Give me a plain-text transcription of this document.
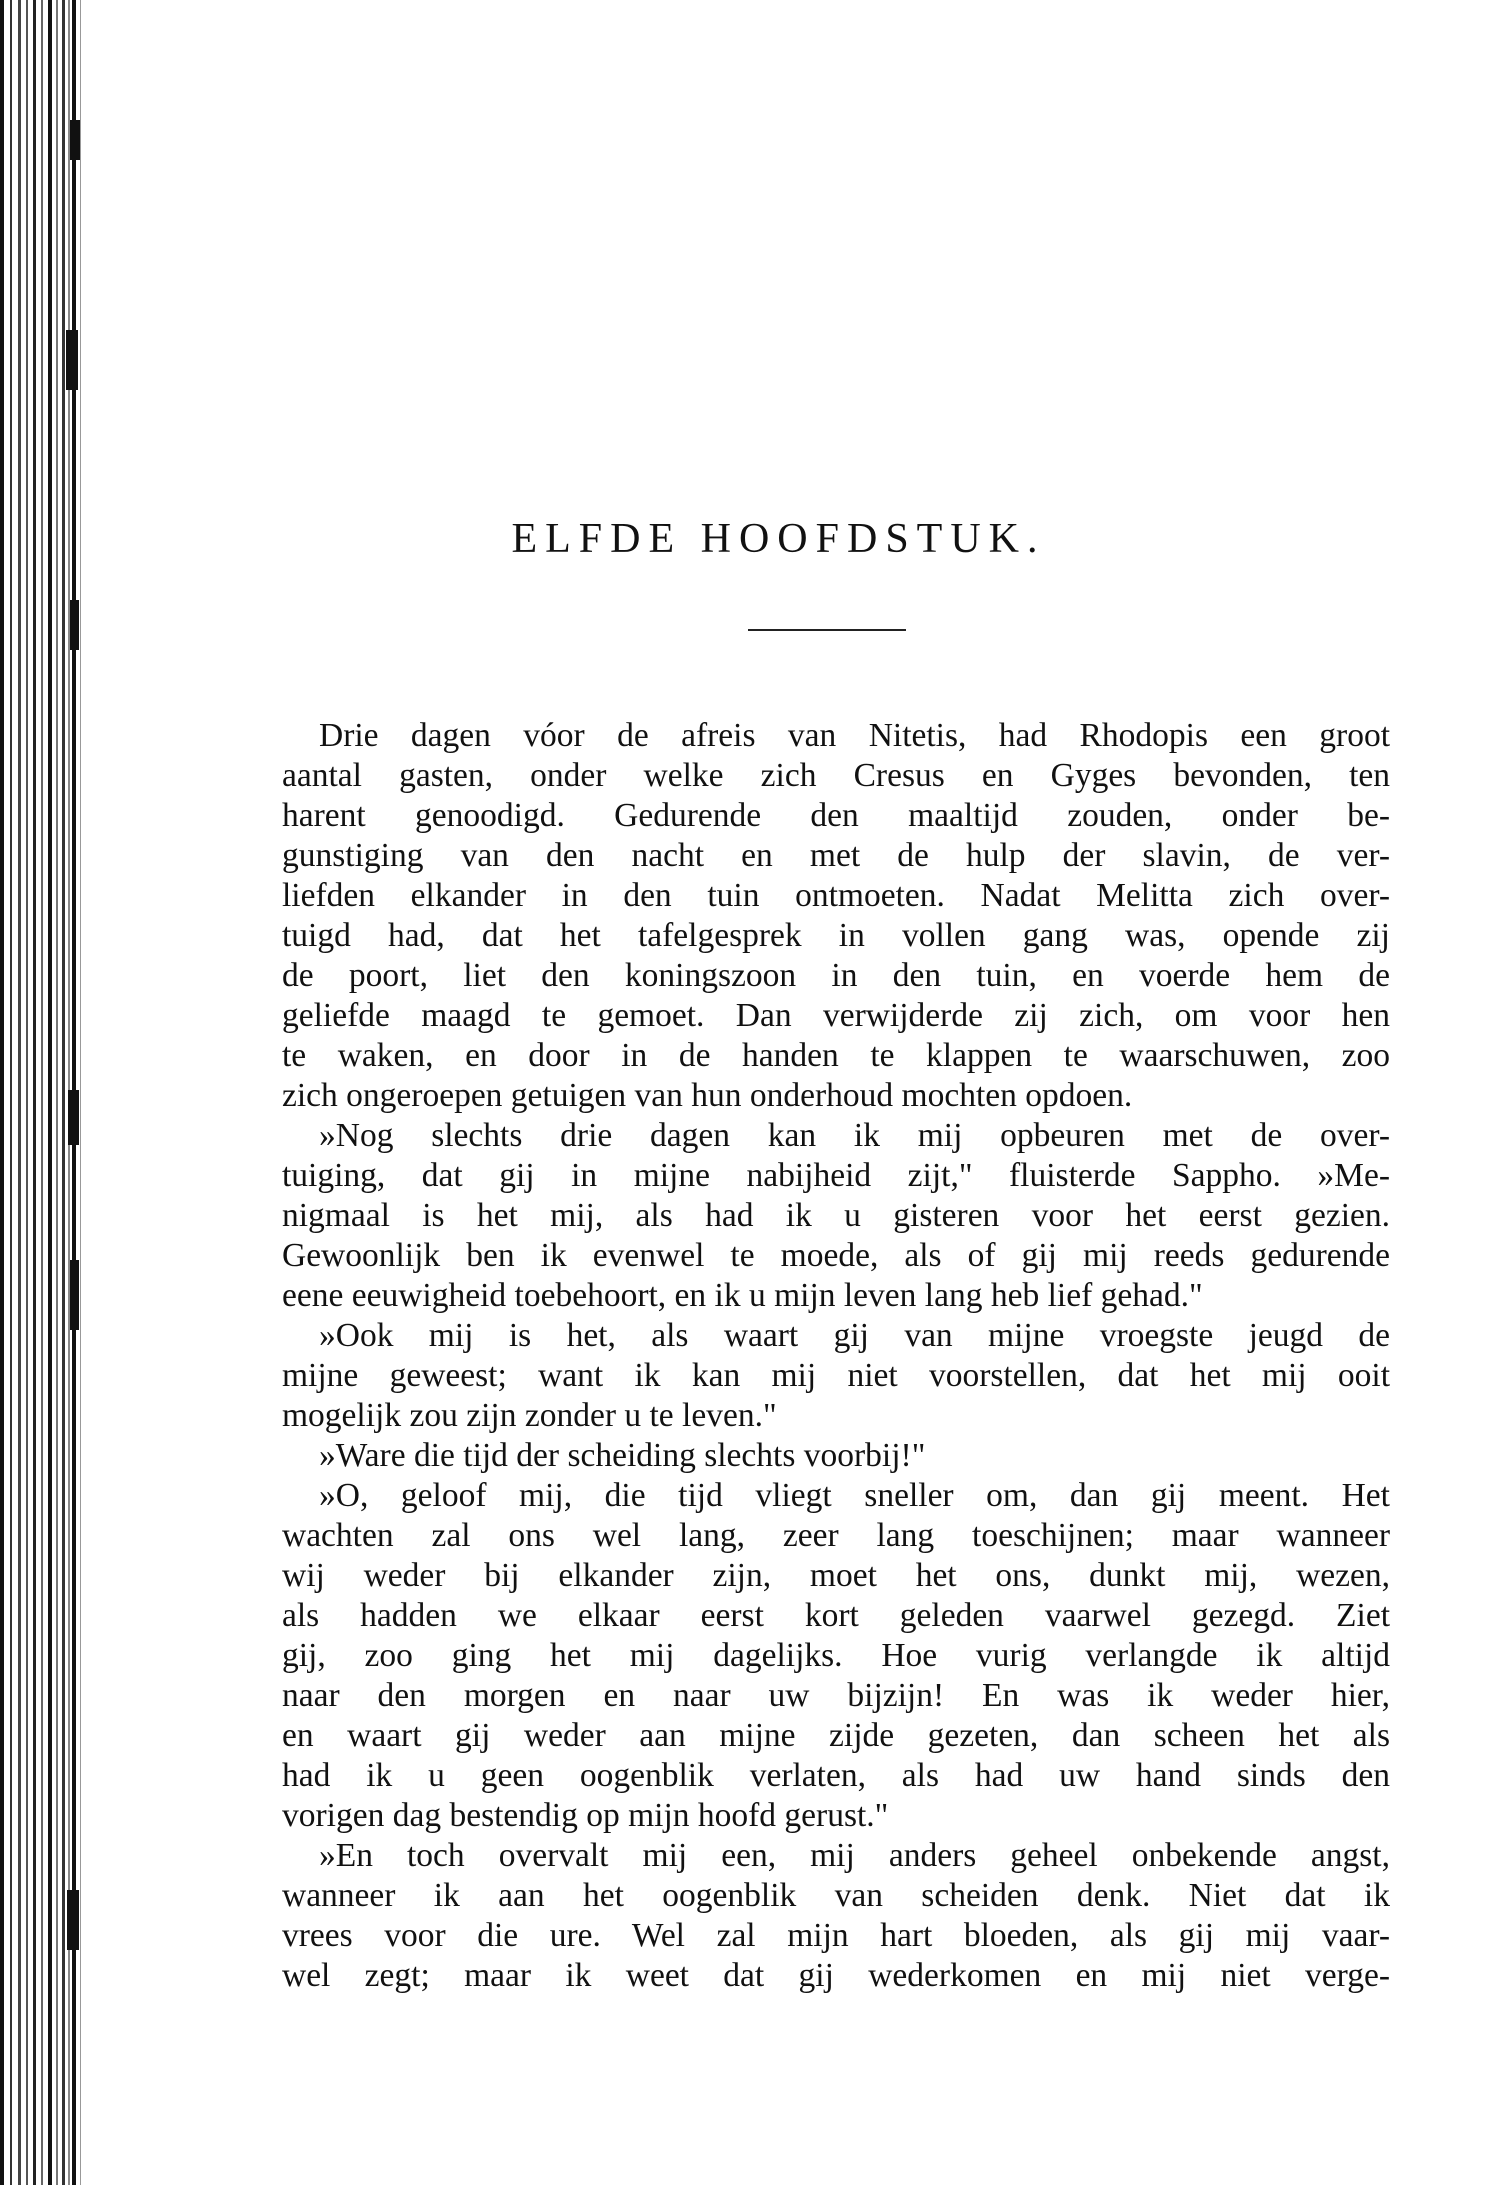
ELFDE HOOFDSTUK.
Drie dagen vóor de afreis van Nitetis, had Rhodopis een groot
aantal gasten, onder welke zich Cresus en Gyges bevonden, ten
harent genoodigd. Gedurende den maaltijd zouden, onder be-
gunstiging van den nacht en met de hulp der slavin, de ver-
liefden elkander in den tuin ontmoeten. Nadat Melitta zich over-
tuigd had, dat het tafelgesprek in vollen gang was, opende zij
de poort, liet den koningszoon in den tuin, en voerde hem de
geliefde maagd te gemoet. Dan verwijderde zij zich, om voor hen
te waken, en door in de handen te klappen te waarschuwen, zoo
zich ongeroepen getuigen van hun onderhoud mochten opdoen.
»Nog slechts drie dagen kan ik mij opbeuren met de over-
tuiging, dat gij in mijne nabijheid zijt," fluisterde Sappho. »Me-
nigmaal is het mij, als had ik u gisteren voor het eerst gezien.
Gewoonlijk ben ik evenwel te moede, als of gij mij reeds gedurende
eene eeuwigheid toebehoort, en ik u mijn leven lang heb lief gehad."
»Ook mij is het, als waart gij van mijne vroegste jeugd de
mijne geweest; want ik kan mij niet voorstellen, dat het mij ooit
mogelijk zou zijn zonder u te leven."
»Ware die tijd der scheiding slechts voorbij!"
»O, geloof mij, die tijd vliegt sneller om, dan gij meent. Het
wachten zal ons wel lang, zeer lang toeschijnen; maar wanneer
wij weder bij elkander zijn, moet het ons, dunkt mij, wezen,
als hadden we elkaar eerst kort geleden vaarwel gezegd. Ziet
gij, zoo ging het mij dagelijks. Hoe vurig verlangde ik altijd
naar den morgen en naar uw bijzijn! En was ik weder hier,
en waart gij weder aan mijne zijde gezeten, dan scheen het als
had ik u geen oogenblik verlaten, als had uw hand sinds den
vorigen dag bestendig op mijn hoofd gerust."
»En toch overvalt mij een, mij anders geheel onbekende angst,
wanneer ik aan het oogenblik van scheiden denk. Niet dat ik
vrees voor die ure. Wel zal mijn hart bloeden, als gij mij vaar-
wel zegt; maar ik weet dat gij wederkomen en mij niet verge-
